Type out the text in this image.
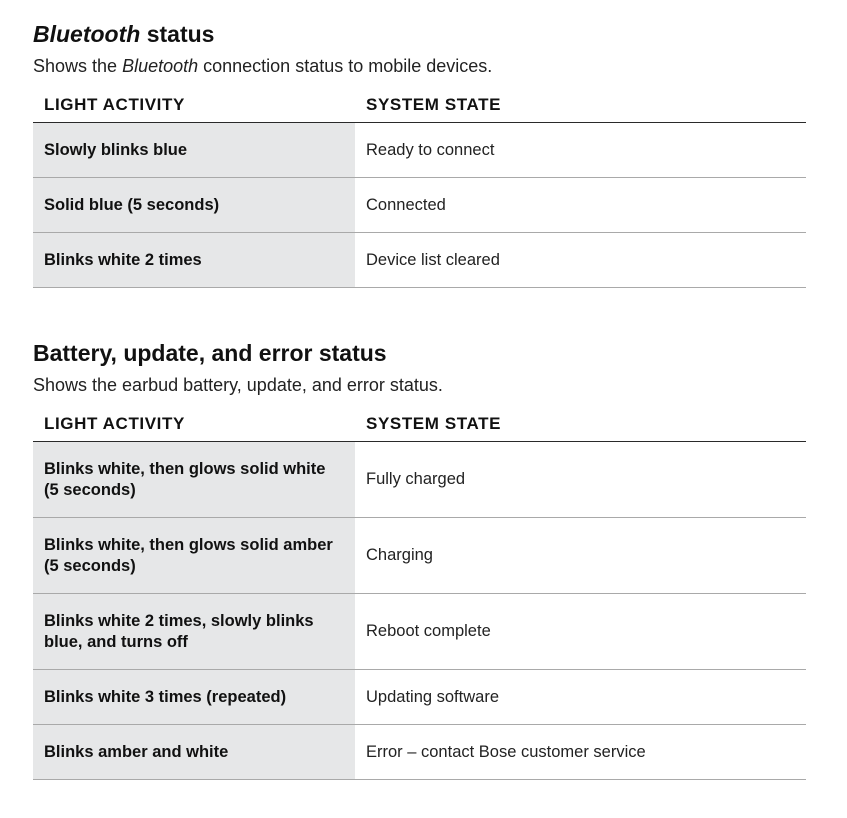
Bluetooth status

Shows the Bluetooth connection status to mobile devices.

LIGHT ACTIVITY	SYSTEM STATE
Slowly blinks blue	Ready to connect
Solid blue (5 seconds)	Connected
Blinks white 2 times	Device list cleared
Battery, update, and error status

Shows the earbud battery, update, and error status.

LIGHT ACTIVITY	SYSTEM STATE
Blinks white, then glows solid white
(5 seconds)	Fully charged
Blinks white, then glows solid amber
(5 seconds)	Charging
Blinks white 2 times, slowly blinks
blue, and turns off	Reboot complete
Blinks white 3 times (repeated)	Updating software
Blinks amber and white	Error – contact Bose customer service
